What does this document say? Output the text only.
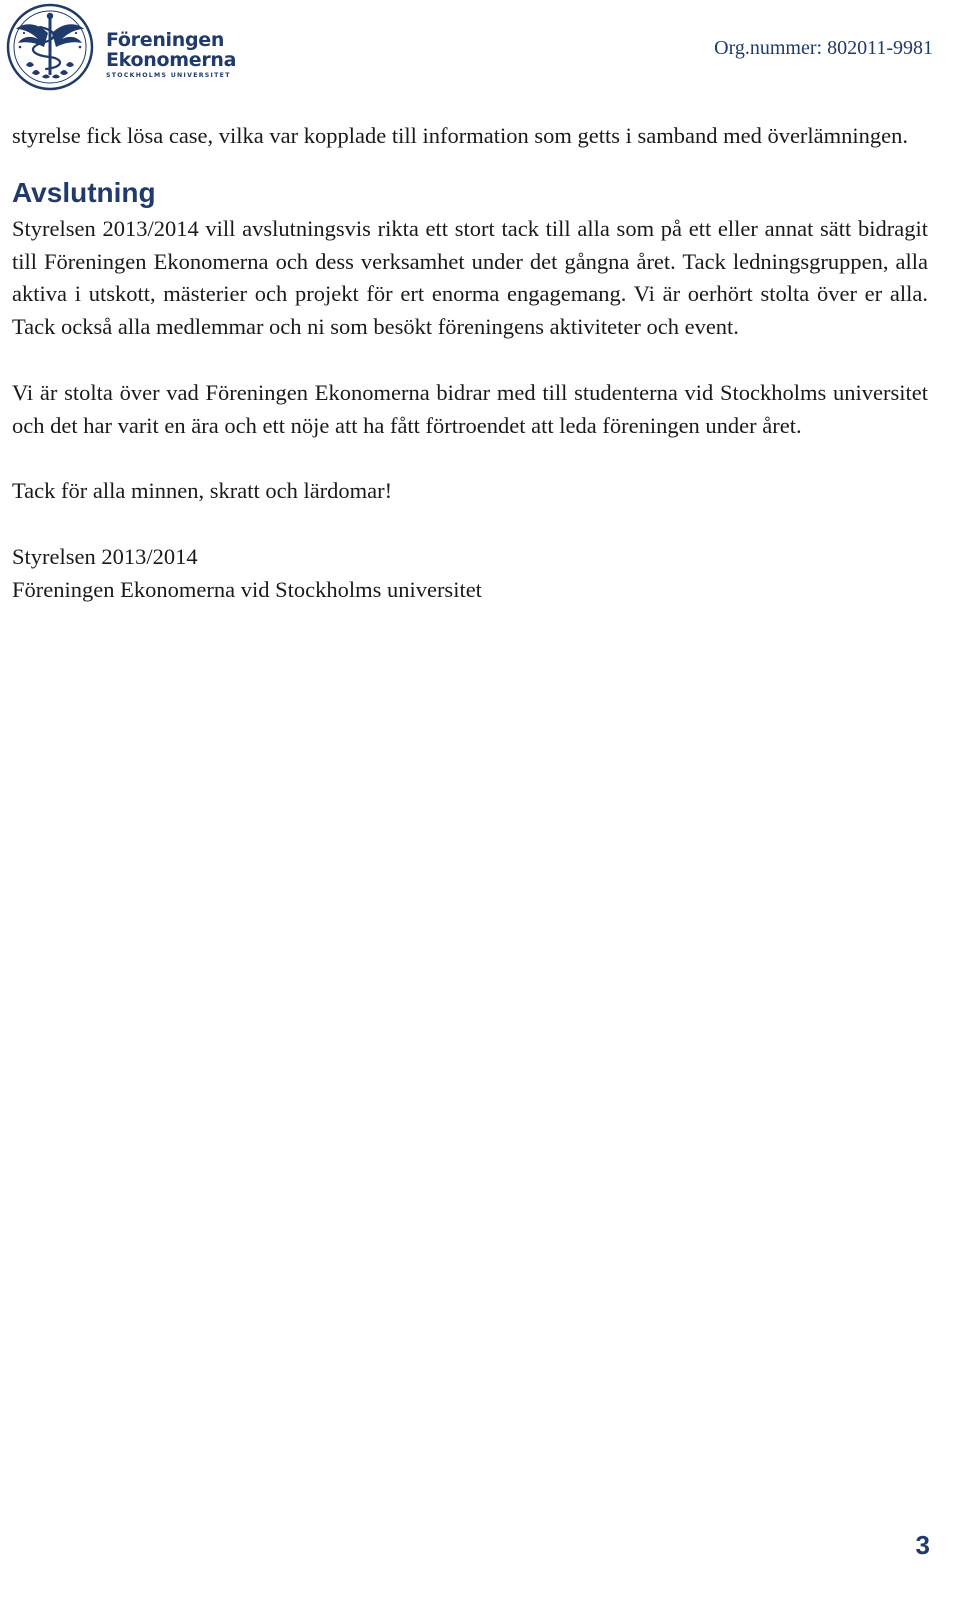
Föreningen
Ekonomerna
STOCKHOLMS UNIVERSITET
Org.nummer: 802011-9981

styrelse fick lösa case, vilka var kopplade till information som getts i samband med överlämningen.

Avslutning

Styrelsen 2013/2014 vill avslutningsvis rikta ett stort tack till alla som på ett eller annat sätt bidragit till Föreningen Ekonomerna och dess verksamhet under det gångna året. Tack ledningsgruppen, alla aktiva i utskott, mästerier och projekt för ert enorma engagemang. Vi är oerhört stolta över er alla. Tack också alla medlemmar och ni som besökt föreningens aktiviteter och event.

Vi är stolta över vad Föreningen Ekonomerna bidrar med till studenterna vid Stockholms universitet och det har varit en ära och ett nöje att ha fått förtroendet att leda föreningen under året.

Tack för alla minnen, skratt och lärdomar!

Styrelsen 2013/2014

Föreningen Ekonomerna vid Stockholms universitet

3
